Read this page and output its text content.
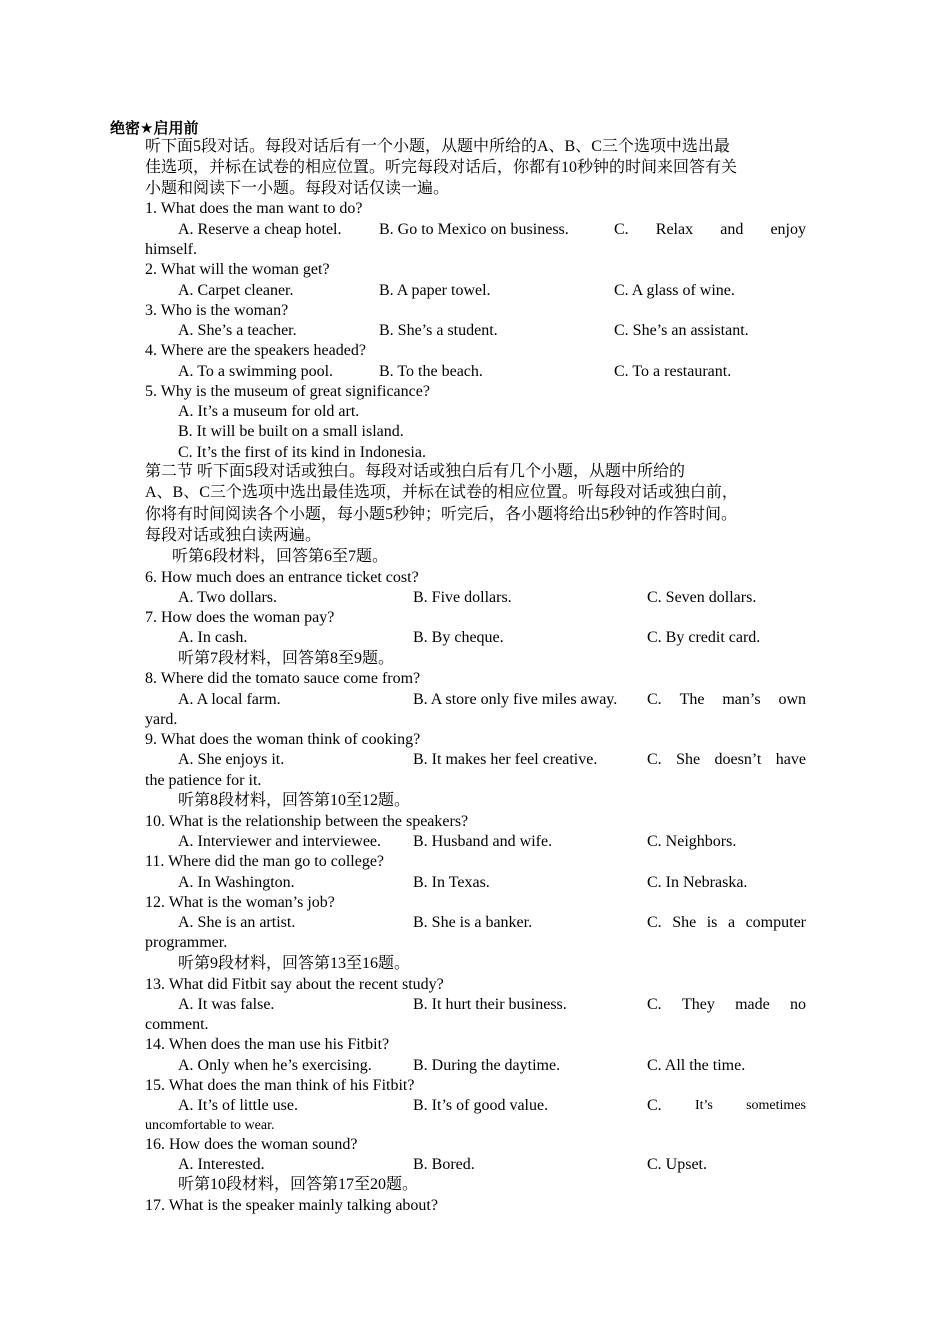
绝密★启用前
听下面5段对话。每段对话后有一个小题，从题中所给的A、B、C三个选项中选出最
佳选项，并标在试卷的相应位置。听完每段对话后，你都有10秒钟的时间来回答有关
小题和阅读下一小题。每段对话仅读一遍。
1. What does the man want to do?
A. Reserve a cheap hotel. B. Go to Mexico on business.	C. Relax and enjoy
himself.
2. What will the woman get?
A. Carpet cleaner.	B. A paper towel.	C. A glass of wine.
3. Who is the woman?
A. She’s a teacher.	B. She’s a student.	C. She’s an assistant.
4. Where are the speakers headed?
A. To a swimming pool.	B. To the beach.	C. To a restaurant.
5. Why is the museum of great significance?
A. It’s a museum for old art.
B. It will be built on a small island.
C. It’s the first of its kind in Indonesia.
第二节 听下面5段对话或独白。每段对话或独白后有几个小题，从题中所给的
A、B、C三个选项中选出最佳选项，并标在试卷的相应位置。听每段对话或独白前，
你将有时间阅读各个小题，每小题5秒钟；听完后，各小题将给出5秒钟的作答时间。
每段对话或独白读两遍。
听第6段材料，回答第6至7题。
6. How much does an entrance ticket cost?
A. Two dollars.	B. Five dollars.	C. Seven dollars.
7. How does the woman pay?
A. In cash.	B. By cheque.	C. By credit card.
听第7段材料，回答第8至9题。
8. Where did the tomato sauce come from?
A. A local farm.	B. A store only five miles away. C. The man’s own
yard.
9. What does the woman think of cooking?
A. She enjoys it.	B. It makes her feel creative.	C. She doesn’t have
the patience for it.
听第8段材料，回答第10至12题。
10. What is the relationship between the speakers?
A. Interviewer and interviewee. B. Husband and wife.	C. Neighbors.
11. Where did the man go to college?
A. In Washington.	B. In Texas.	C. In Nebraska.
12. What is the woman’s job?
A. She is an artist.	B. She is a banker.	C. She is a computer
programmer.
听第9段材料，回答第13至16题。
13. What did Fitbit say about the recent study?
A. It was false.	B. It hurt their business.	C. They made no
comment.
14. When does the man use his Fitbit?
A. Only when he’s exercising.	B. During the daytime.	C. All the time.
15. What does the man think of his Fitbit?
A. It’s of little use.	B. It’s of good value.	C. It’s sometimes
uncomfortable to wear.
16. How does the woman sound?
A. Interested.	B. Bored.	C. Upset.
听第10段材料，回答第17至20题。
17. What is the speaker mainly talking about?
